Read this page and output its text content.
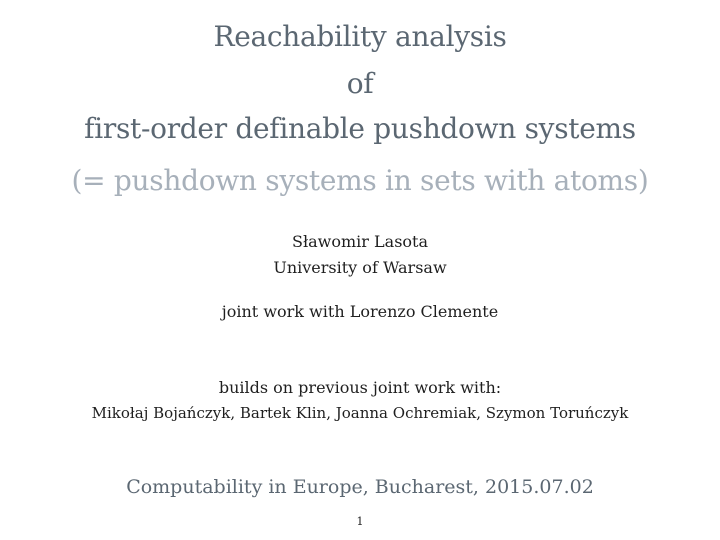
Reachability analysis
of
first-order definable pushdown systems
(= pushdown systems in sets with atoms)
Sławomir Lasota
University of Warsaw
joint work with Lorenzo Clemente
builds on previous joint work with:
Mikołaj Bojańczyk, Bartek Klin, Joanna Ochremiak, Szymon Toruńczyk
Computability in Europe, Bucharest, 2015.07.02
1
